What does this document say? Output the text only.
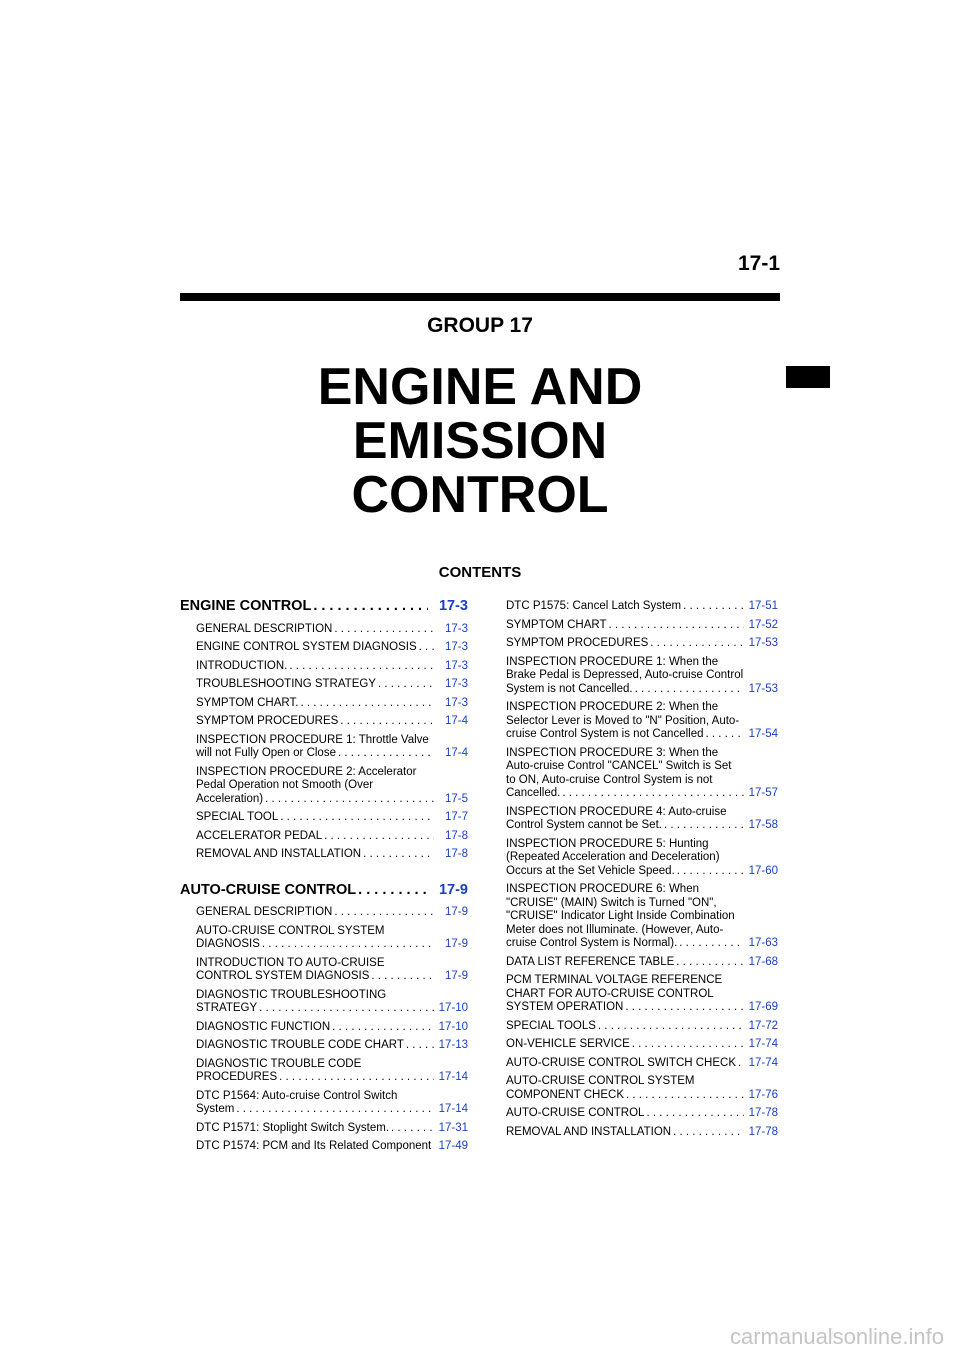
17-1
GROUP 17
ENGINE AND
EMISSION
CONTROL
CONTENTS
ENGINE CONTROL . . .	17-3
GENERAL DESCRIPTION . . .	17-3
ENGINE CONTROL SYSTEM DIAGNOSIS . . .	17-3
INTRODUCTION. . . .	17-3
TROUBLESHOOTING STRATEGY . . .	17-3
SYMPTOM CHART. . . .	17-3
SYMPTOM PROCEDURES . . .	17-4
INSPECTION PROCEDURE 1: Throttle Valve will not Fully Open or Close . . .	17-4
INSPECTION PROCEDURE 2: Accelerator Pedal Operation not Smooth (Over Acceleration) . . .	17-5
SPECIAL TOOL . . .	17-7
ACCELERATOR PEDAL . . .	17-8
REMOVAL AND INSTALLATION . . .	17-8
AUTO-CRUISE CONTROL . . .	17-9
GENERAL DESCRIPTION . . .	17-9
AUTO-CRUISE CONTROL SYSTEM DIAGNOSIS . . .	17-9
INTRODUCTION TO AUTO-CRUISE CONTROL SYSTEM DIAGNOSIS . . .	17-9
DIAGNOSTIC TROUBLESHOOTING STRATEGY . . .	17-10
DIAGNOSTIC FUNCTION . . .	17-10
DIAGNOSTIC TROUBLE CODE CHART . . .	17-13
DIAGNOSTIC TROUBLE CODE PROCEDURES . . .	17-14
DTC P1564: Auto-cruise Control Switch System . . .	17-14
DTC P1571: Stoplight Switch System. . . .	17-31
DTC P1574: PCM and Its Related Component . . . 17-49
DTC P1575: Cancel Latch System . . .	17-51
SYMPTOM CHART . . .	17-52
SYMPTOM PROCEDURES . . .	17-53
INSPECTION PROCEDURE 1: When the Brake Pedal is Depressed, Auto-cruise Control System is not Cancelled. . . .	17-53
INSPECTION PROCEDURE 2: When the Selector Lever is Moved to "N" Position, Auto-cruise Control System is not Cancelled . . .	17-54
INSPECTION PROCEDURE 3: When the Auto-cruise Control "CANCEL" Switch is Set to ON, Auto-cruise Control System is not Cancelled. . . .	17-57
INSPECTION PROCEDURE 4: Auto-cruise Control System cannot be Set. . . .	17-58
INSPECTION PROCEDURE 5: Hunting (Repeated Acceleration and Deceleration) Occurs at the Set Vehicle Speed. . . .	17-60
INSPECTION PROCEDURE 6: When "CRUISE" (MAIN) Switch is Turned "ON", "CRUISE" Indicator Light Inside Combination Meter does not Illuminate. (However, Auto-cruise Control System is Normal). . . .	17-63
DATA LIST REFERENCE TABLE . . .	17-68
PCM TERMINAL VOLTAGE REFERENCE CHART FOR AUTO-CRUISE CONTROL SYSTEM OPERATION . . .	17-69
SPECIAL TOOLS . . .	17-72
ON-VEHICLE SERVICE . . .	17-74
AUTO-CRUISE CONTROL SWITCH CHECK . . .	17-74
AUTO-CRUISE CONTROL SYSTEM COMPONENT CHECK . . .	17-76
AUTO-CRUISE CONTROL . . .	17-78
REMOVAL AND INSTALLATION . . .	17-78
carmanualsonline.info
